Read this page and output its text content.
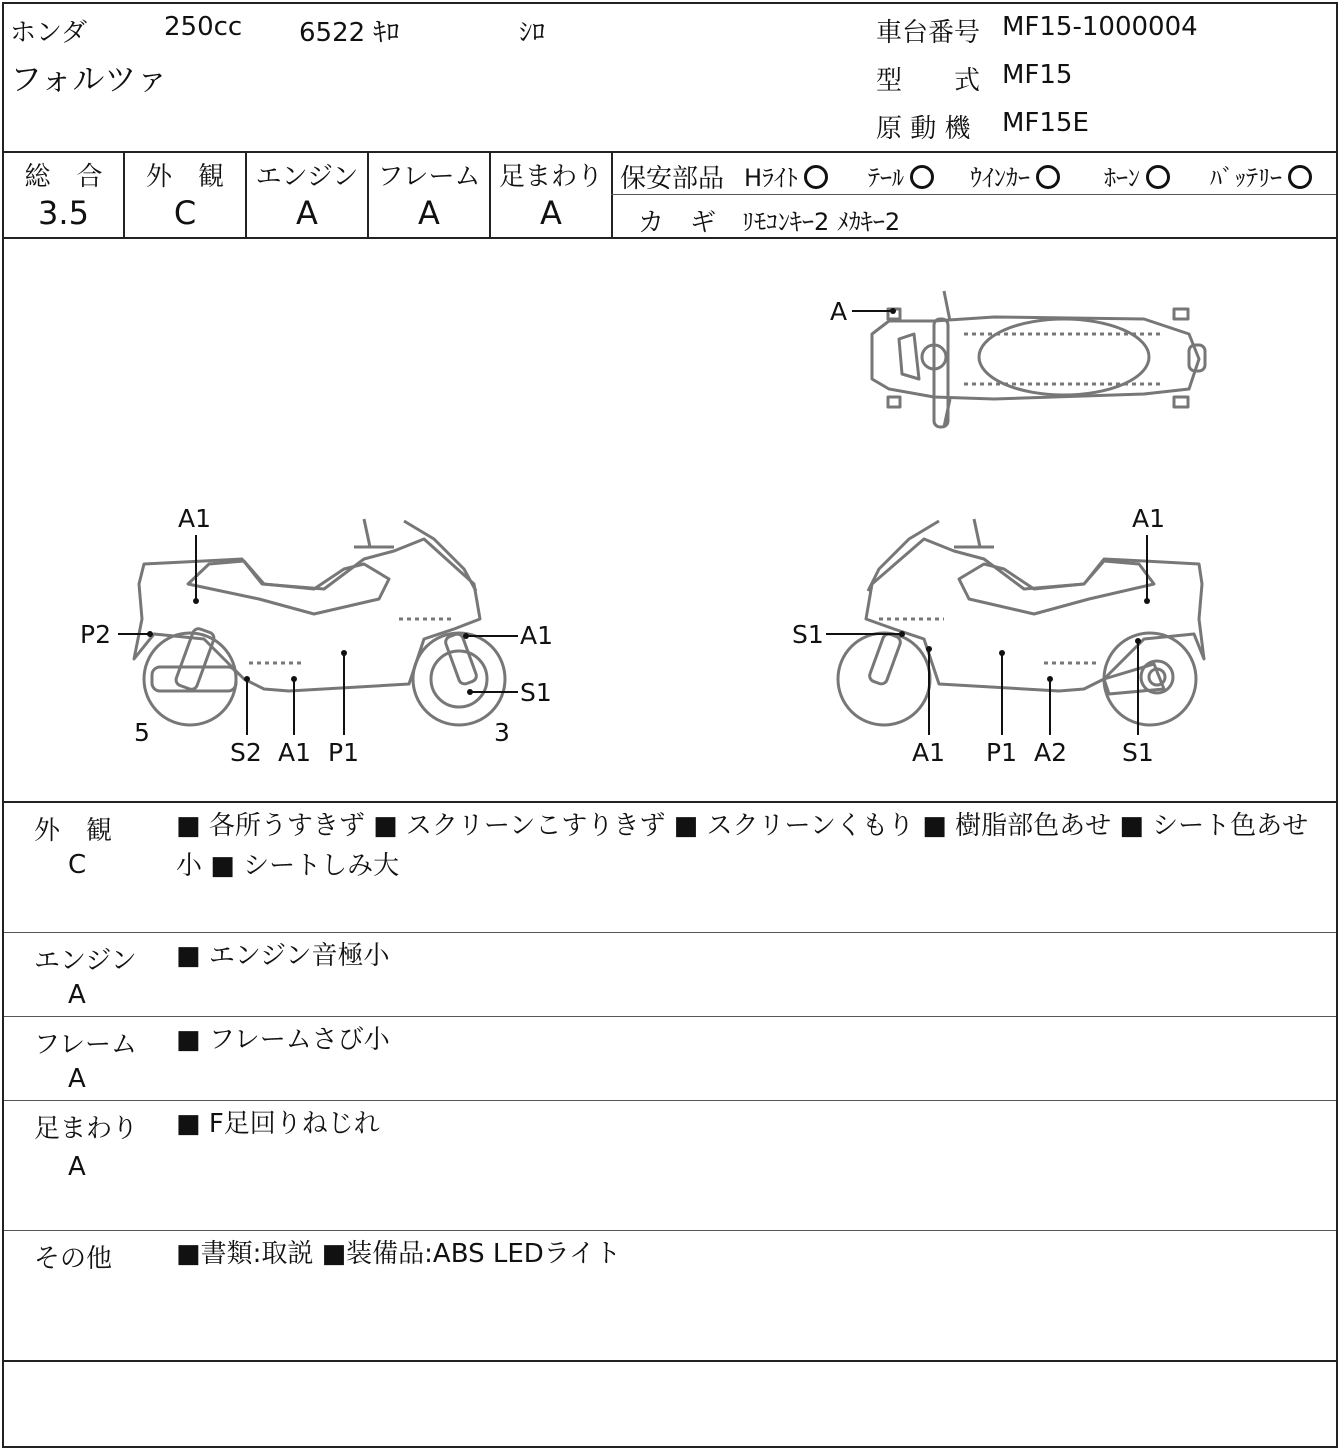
ホンダ
フォルツァ
250cc 6522 ｷﾛ	ｼﾛ	車台番号 MF15-1000004
型　　式 MF15
原 動 機 MF15E
総　合
3.5
外　観
C
エンジン
A
フレーム
A
足まわり
A
保安部品 Hﾗｲﾄ	ﾃｰﾙ	ｳｲﾝｶｰ	ﾎｰﾝ	ﾊﾞｯﾃﾘｰ
カ　ギ ﾘﾓｺﾝｷｰ2 ﾒｶｷｰ2
A
A1
P2	A1
S1
5
S2 A1 P1
3
A1
S1
A1 P1 A2 S1
外　観
C
■ 各所うすきず ■ スクリーンこすりきず ■ スクリーンくもり ■ 樹脂部色あせ ■ シート色あせ小 ■ シートしみ大
エンジン
A
■ エンジン音極小
フレーム
A
■ フレームさび小
足まわり
A
■ F足回りねじれ
その他 ■書類:取説 ■装備品:ABS LEDライト
